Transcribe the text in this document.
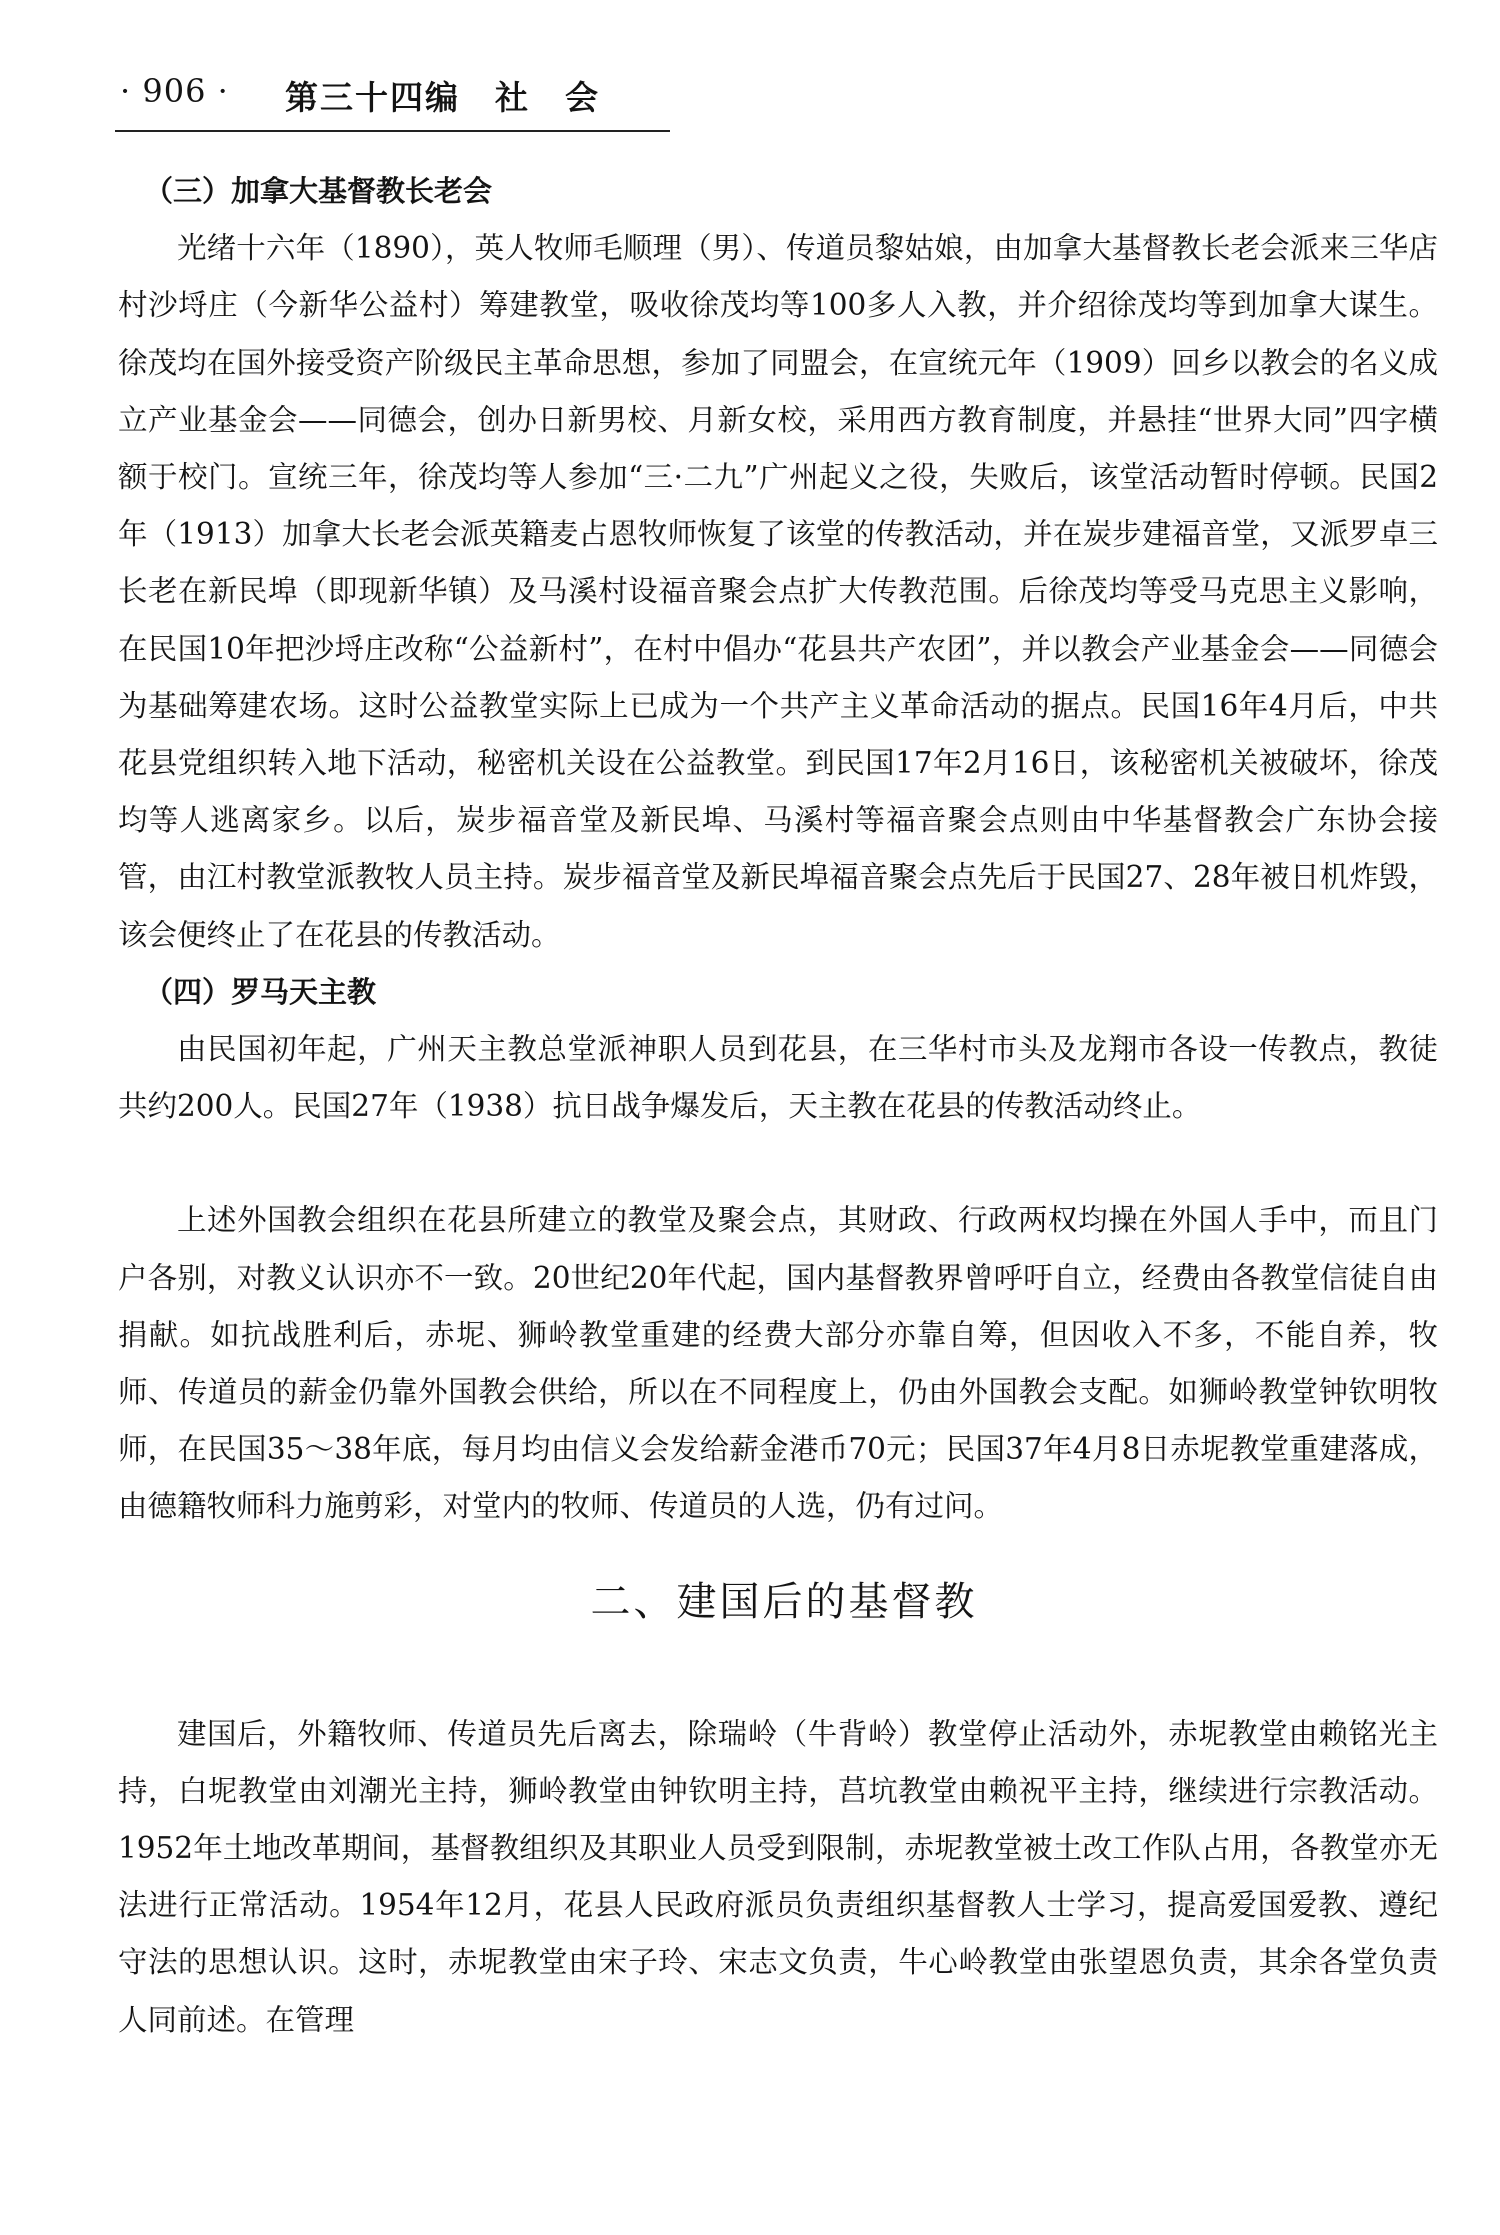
· 906 · 第三十四编　社　会
（三）加拿大基督教长老会

光绪十六年（1890），英人牧师毛顺理（男）、传道员黎姑娘，由加拿大基督教长老会派来三华店村沙埒庄（今新华公益村）筹建教堂，吸收徐茂均等100多人入教，并介绍徐茂均等到加拿大谋生。徐茂均在国外接受资产阶级民主革命思想，参加了同盟会，在宣统元年（1909）回乡以教会的名义成立产业基金会——同德会，创办日新男校、月新女校，采用西方教育制度，并悬挂“世界大同”四字横额于校门。宣统三年，徐茂均等人参加“三·二九”广州起义之役，失败后，该堂活动暂时停顿。民国2年（1913）加拿大长老会派英籍麦占恩牧师恢复了该堂的传教活动，并在炭步建福音堂，又派罗卓三长老在新民埠（即现新华镇）及马溪村设福音聚会点扩大传教范围。后徐茂均等受马克思主义影响，在民国10年把沙埒庄改称“公益新村”，在村中倡办“花县共产农团”，并以教会产业基金会——同德会为基础筹建农场。这时公益教堂实际上已成为一个共产主义革命活动的据点。民国16年4月后，中共花县党组织转入地下活动，秘密机关设在公益教堂。到民国17年2月16日，该秘密机关被破坏，徐茂均等人逃离家乡。以后，炭步福音堂及新民埠、马溪村等福音聚会点则由中华基督教会广东协会接管，由江村教堂派教牧人员主持。炭步福音堂及新民埠福音聚会点先后于民国27、28年被日机炸毁，该会便终止了在花县的传教活动。

（四）罗马天主教

由民国初年起，广州天主教总堂派神职人员到花县，在三华村市头及龙翔市各设一传教点，教徒共约200人。民国27年（1938）抗日战争爆发后，天主教在花县的传教活动终止。

上述外国教会组织在花县所建立的教堂及聚会点，其财政、行政两权均操在外国人手中，而且门户各别，对教义认识亦不一致。20世纪20年代起，国内基督教界曾呼吁自立，经费由各教堂信徒自由捐献。如抗战胜利后，赤坭、狮岭教堂重建的经费大部分亦靠自筹，但因收入不多，不能自养，牧师、传道员的薪金仍靠外国教会供给，所以在不同程度上，仍由外国教会支配。如狮岭教堂钟钦明牧师，在民国35～38年底，每月均由信义会发给薪金港币70元；民国37年4月8日赤坭教堂重建落成，由德籍牧师科力施剪彩，对堂内的牧师、传道员的人选，仍有过问。

二、建国后的基督教

建国后，外籍牧师、传道员先后离去，除瑞岭（牛背岭）教堂停止活动外，赤坭教堂由赖铭光主持，白坭教堂由刘潮光主持，狮岭教堂由钟钦明主持，莒坑教堂由赖祝平主持，继续进行宗教活动。1952年土地改革期间，基督教组织及其职业人员受到限制，赤坭教堂被土改工作队占用，各教堂亦无法进行正常活动。1954年12月，花县人民政府派员负责组织基督教人士学习，提高爱国爱教、遵纪守法的思想认识。这时，赤坭教堂由宋子玲、宋志文负责，牛心岭教堂由张望恩负责，其余各堂负责人同前述。在管理
